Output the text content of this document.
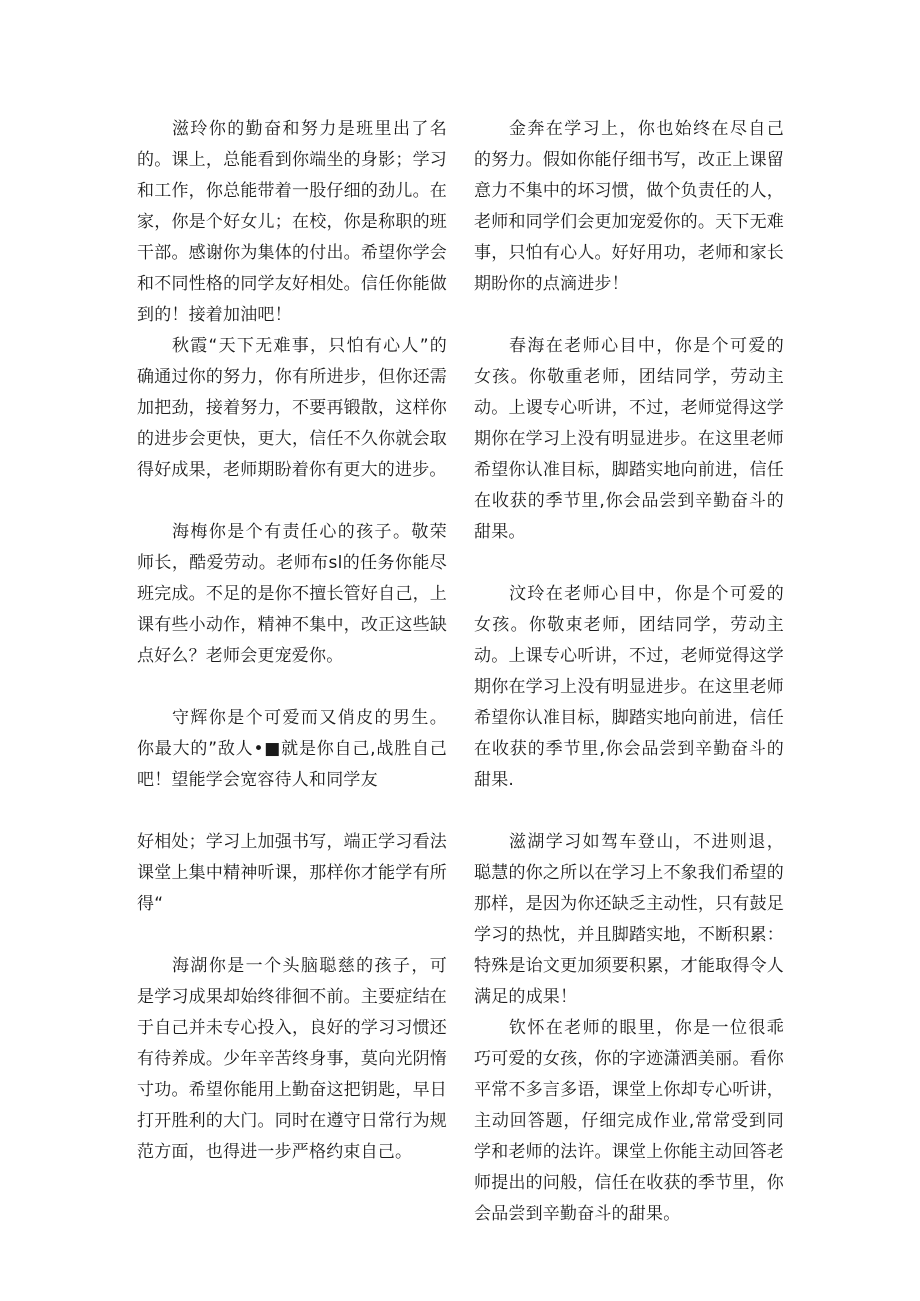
滋玲你的勤奋和努力是班里出了名的。课上，总能看到你端坐的身影；学习和工作，你总能带着一股仔细的劲儿。在家，你是个好女儿；在校，你是称职的班干部。感谢你为集体的付出。希望你学会和不同性格的同学友好相处。信任你能做到的！接着加油吧！

秋霞“天下无难事，只怕有心人”的确通过你的努力，你有所进步，但你还需加把劲，接着努力，不要再锻散，这样你的进步会更快，更大，信任不久你就会取得好成果，老师期盼着你有更大的进步。

海梅你是个有责任心的孩子。敬荣师长，酷爱劳动。老师布sl的任务你能尽班完成。不足的是你不擅长管好自己，上课有些小动作，精神不集中，改正这些缺点好么？老师会更宠爱你。

守辉你是个可爱而又俏皮的男生。你最大的”敌人•■就是你自己,战胜自己吧！望能学会宽容待人和同学友

好相处；学习上加强书写，端正学习看法课堂上集中精神听课，那样你才能学有所得“

海湖你是一个头脑聪慈的孩子，可是学习成果却始终徘徊不前。主要症结在于自己并未专心投入，良好的学习习惯还有待养成。少年辛苦终身事，莫向光阴惰寸功。希望你能用上勤奋这把钥匙，早日打开胜利的大门。同时在遵守日常行为规范方面，也得进一步严格约束自己。

金奔在学习上，你也始终在尽自己的努力。假如你能仔细书写，改正上课留意力不集中的坏习惯，做个负责任的人，老师和同学们会更加宠爱你的。天下无难事，只怕有心人。好好用功，老师和家长期盼你的点滴进步！

春海在老师心目中，你是个可爱的女孩。你敬重老师，团结同学，劳动主动。上谡专心听讲，不过，老师觉得这学期你在学习上没有明显进步。在这里老师希望你认准目标，脚踏实地向前进，信任在收获的季节里,你会品尝到辛勤奋斗的甜果。

汶玲在老师心目中，你是个可爱的女孩。你敬束老师，团结同学，劳动主动。上课专心听讲，不过，老师觉得这学期你在学习上没有明显进步。在这里老师希望你认准目标，脚踏实地向前进，信任在收获的季节里,你会品尝到辛勤奋斗的甜果.

滋湖学习如驾车登山，不进则退，聪慧的你之所以在学习上不象我们希望的那样，是因为你还缺乏主动性，只有鼓足学习的热忱，并且脚踏实地，不断积累：特殊是诒文更加须要积累，才能取得令人满足的成果！

钦怀在老师的眼里，你是一位很乖巧可爱的女孩，你的字迹潇洒美丽。看你平常不多言多语，课堂上你却专心听讲，主动回答题，仔细完成作业,常常受到同学和老师的法许。课堂上你能主动回答老师提出的问般，信任在收获的季节里，你会品尝到辛勤奋斗的甜果。
